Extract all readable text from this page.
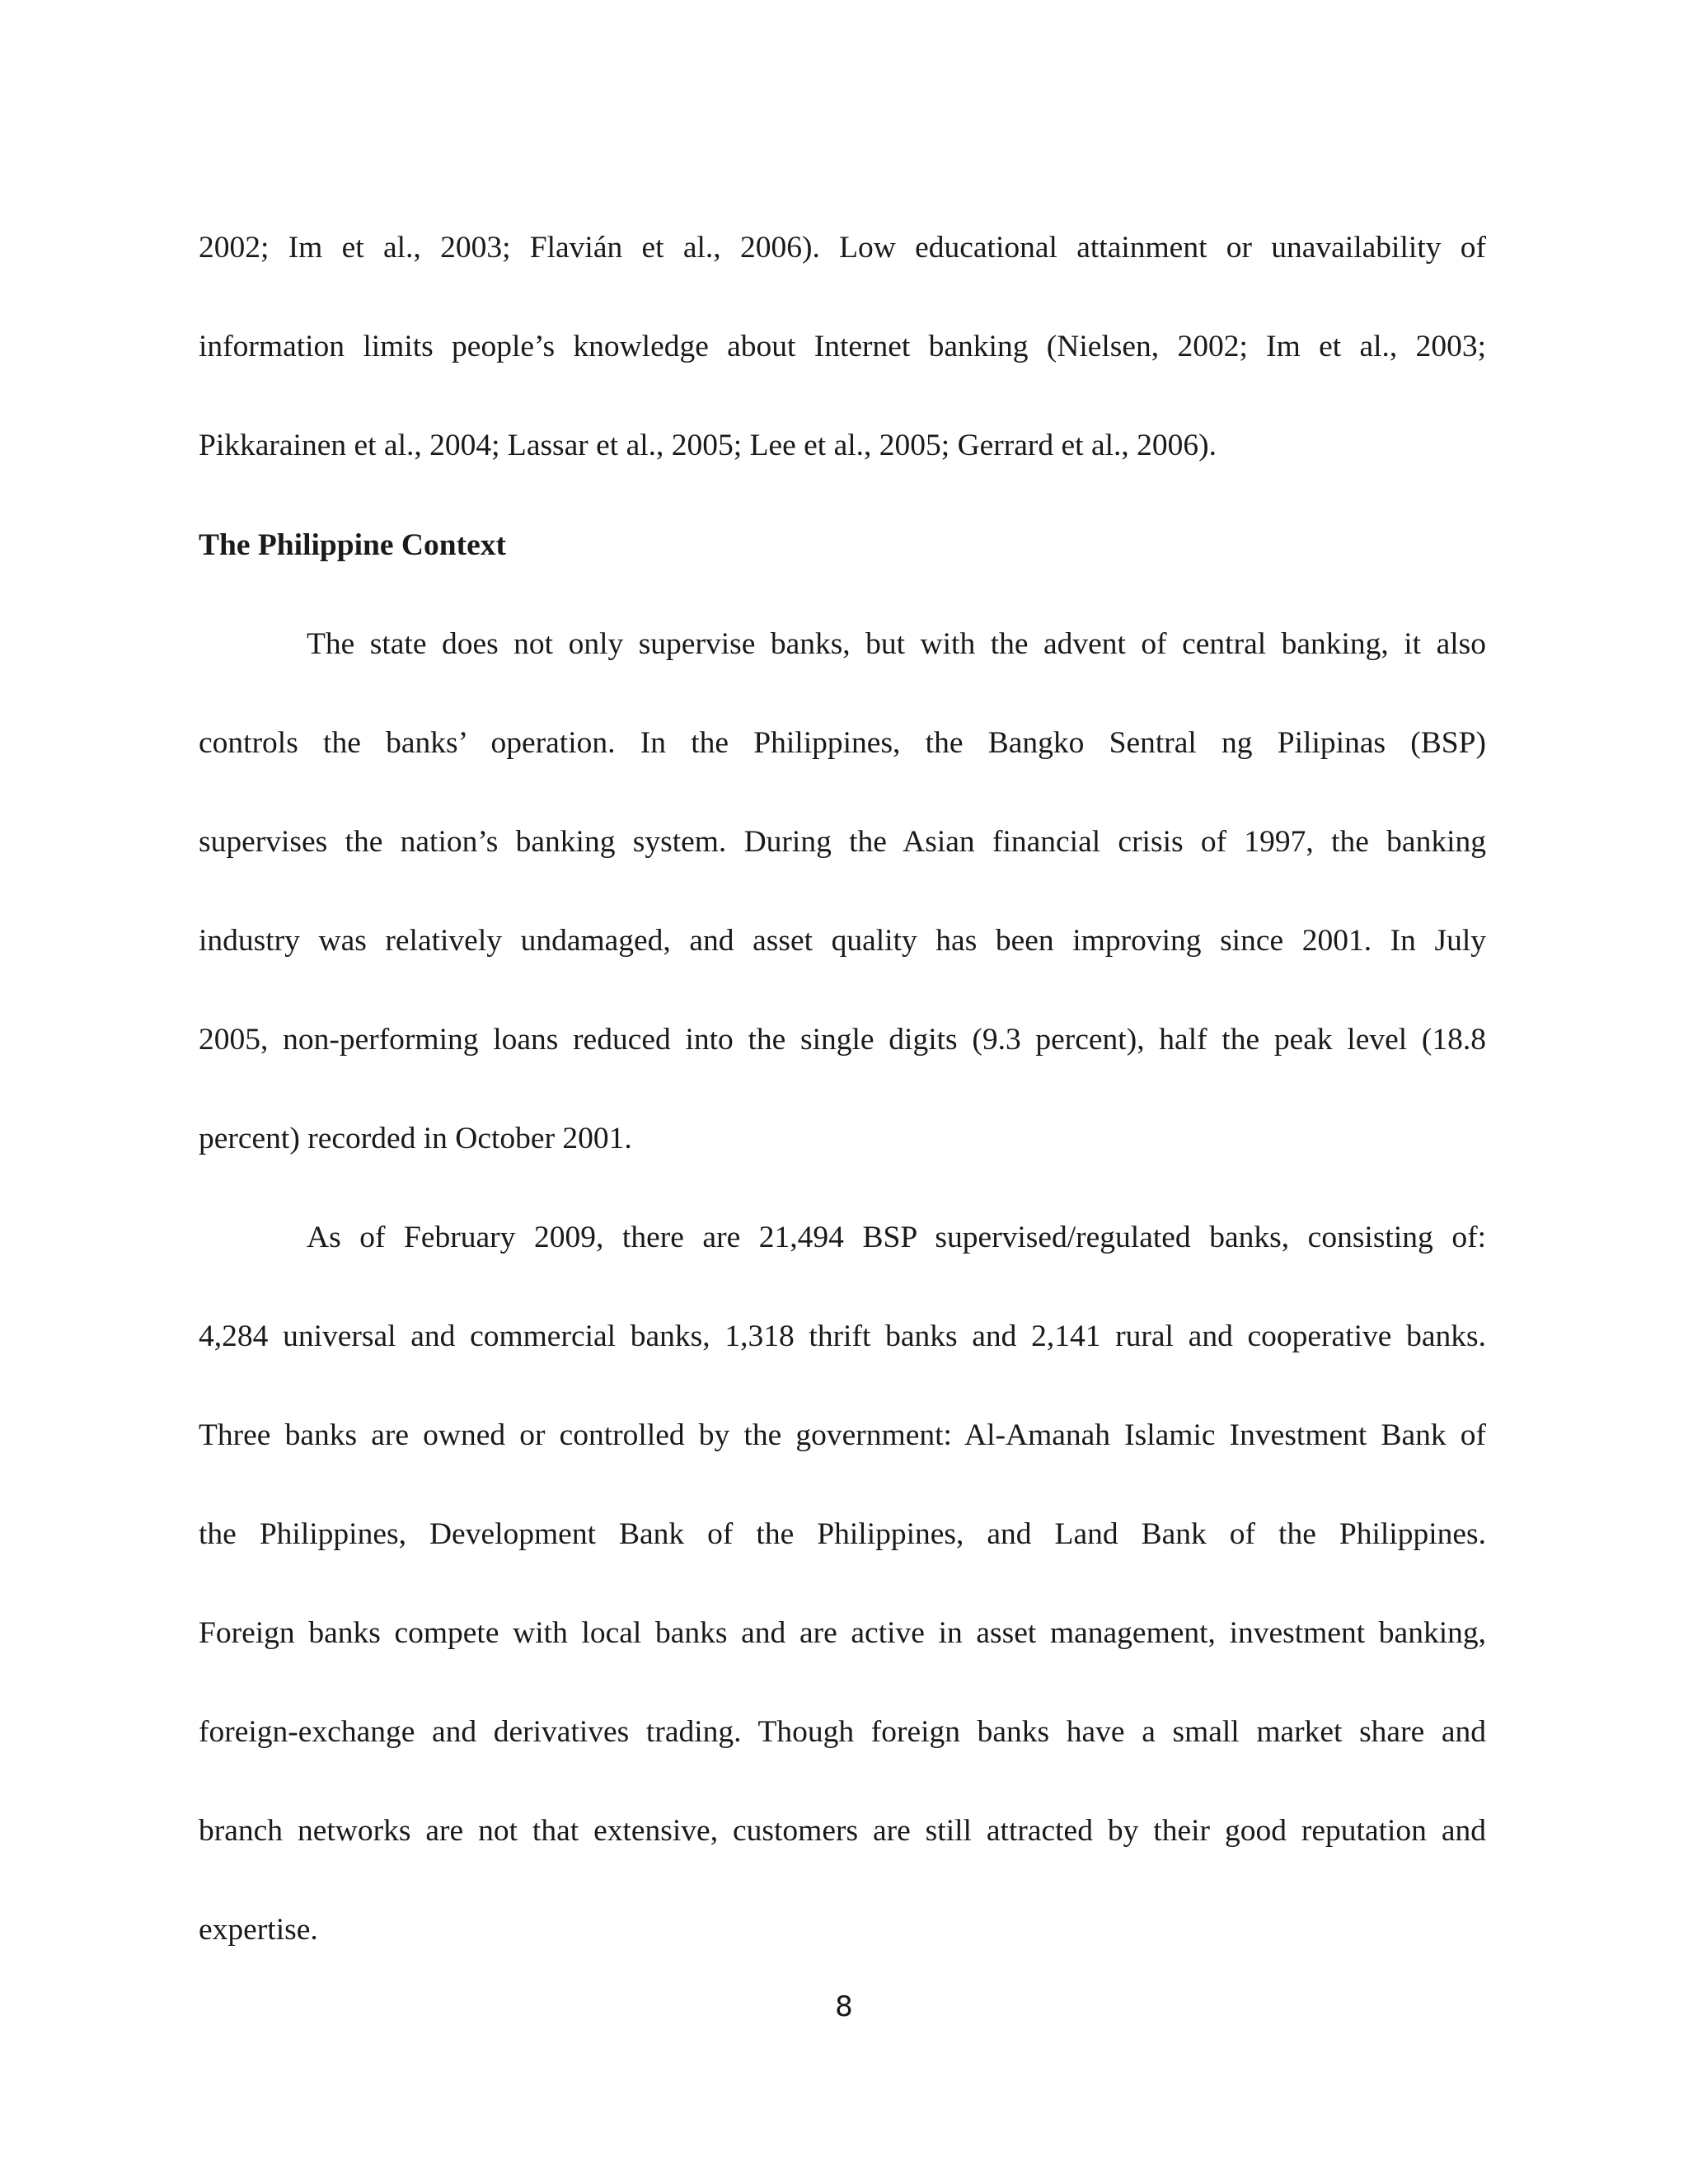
2002; Im et al., 2003; Flavián et al., 2006). Low educational attainment or unavailability of
information limits people’s knowledge about Internet banking (Nielsen, 2002; Im et al., 2003;
Pikkarainen et al., 2004; Lassar et al., 2005; Lee et al., 2005; Gerrard et al., 2006).
The Philippine Context
The state does not only supervise banks, but with the advent of central banking, it also
controls the banks’ operation. In the Philippines, the Bangko Sentral ng Pilipinas (BSP)
supervises the nation’s banking system. During the Asian financial crisis of 1997, the banking
industry was relatively undamaged, and asset quality has been improving since 2001. In July
2005, non-performing loans reduced into the single digits (9.3 percent), half the peak level (18.8
percent) recorded in October 2001.
As of February 2009, there are 21,494 BSP supervised/regulated banks, consisting of:
4,284 universal and commercial banks, 1,318 thrift banks and 2,141 rural and cooperative banks.
Three banks are owned or controlled by the government: Al-Amanah Islamic Investment Bank of
the Philippines, Development Bank of the Philippines, and Land Bank of the Philippines.
Foreign banks compete with local banks and are active in asset management, investment banking,
foreign-exchange and derivatives trading. Though foreign banks have a small market share and
branch networks are not that extensive, customers are still attracted by their good reputation and
expertise.
8
